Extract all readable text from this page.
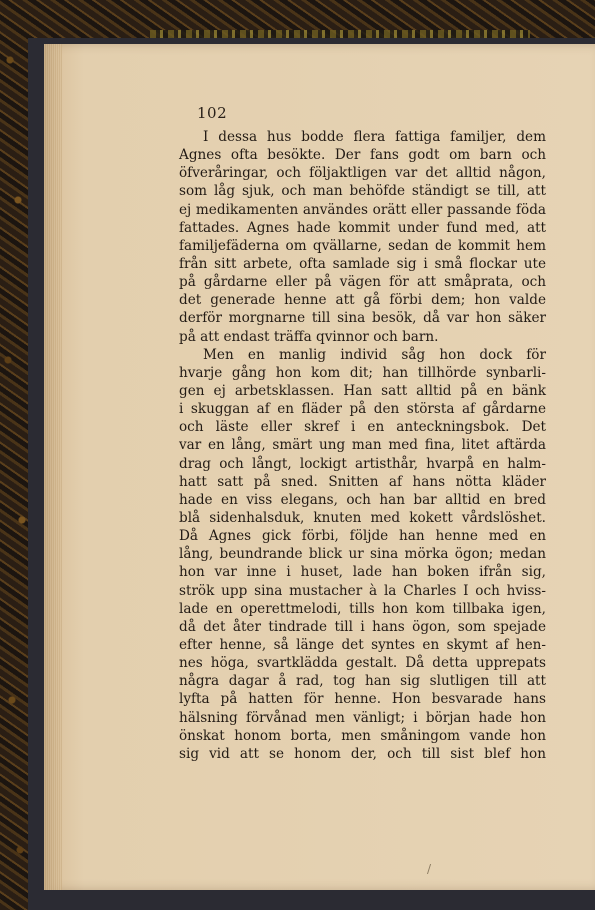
102
I dessa hus bodde flera fattiga familjer, dem
Agnes ofta besökte. Der fans godt om barn och
öfveråringar, och följaktligen var det alltid någon,
som låg sjuk, och man behöfde ständigt se till, att
ej medikamenten användes orätt eller passande föda
fattades. Agnes hade kommit under fund med, att
familjefäderna om qvällarne, sedan de kommit hem
från sitt arbete, ofta samlade sig i små flockar ute
på gårdarne eller på vägen för att småprata, och
det generade henne att gå förbi dem; hon valde
derför morgnarne till sina besök, då var hon säker
på att endast träffa qvinnor och barn.
Men en manlig individ såg hon dock för
hvarje gång hon kom dit; han tillhörde synbarli-
gen ej arbetsklassen. Han satt alltid på en bänk
i skuggan af en fläder på den största af gårdarne
och läste eller skref i en anteckningsbok. Det
var en lång, smärt ung man med fina, litet aftärda
drag och långt, lockigt artisthår, hvarpå en halm-
hatt satt på sned. Snitten af hans nötta kläder
hade en viss elegans, och han bar alltid en bred
blå sidenhalsduk, knuten med kokett vårdslöshet.
Då Agnes gick förbi, följde han henne med en
lång, beundrande blick ur sina mörka ögon; medan
hon var inne i huset, lade han boken ifrån sig,
strök upp sina mustacher à la Charles I och hviss-
lade en operettmelodi, tills hon kom tillbaka igen,
då det åter tindrade till i hans ögon, som spejade
efter henne, så länge det syntes en skymt af hen-
nes höga, svartklädda gestalt. Då detta upprepats
några dagar å rad, tog han sig slutligen till att
lyfta på hatten för henne. Hon besvarade hans
hälsning förvånad men vänligt; i början hade hon
önskat honom borta, men småningom vande hon
sig vid att se honom der, och till sist blef hon
/
